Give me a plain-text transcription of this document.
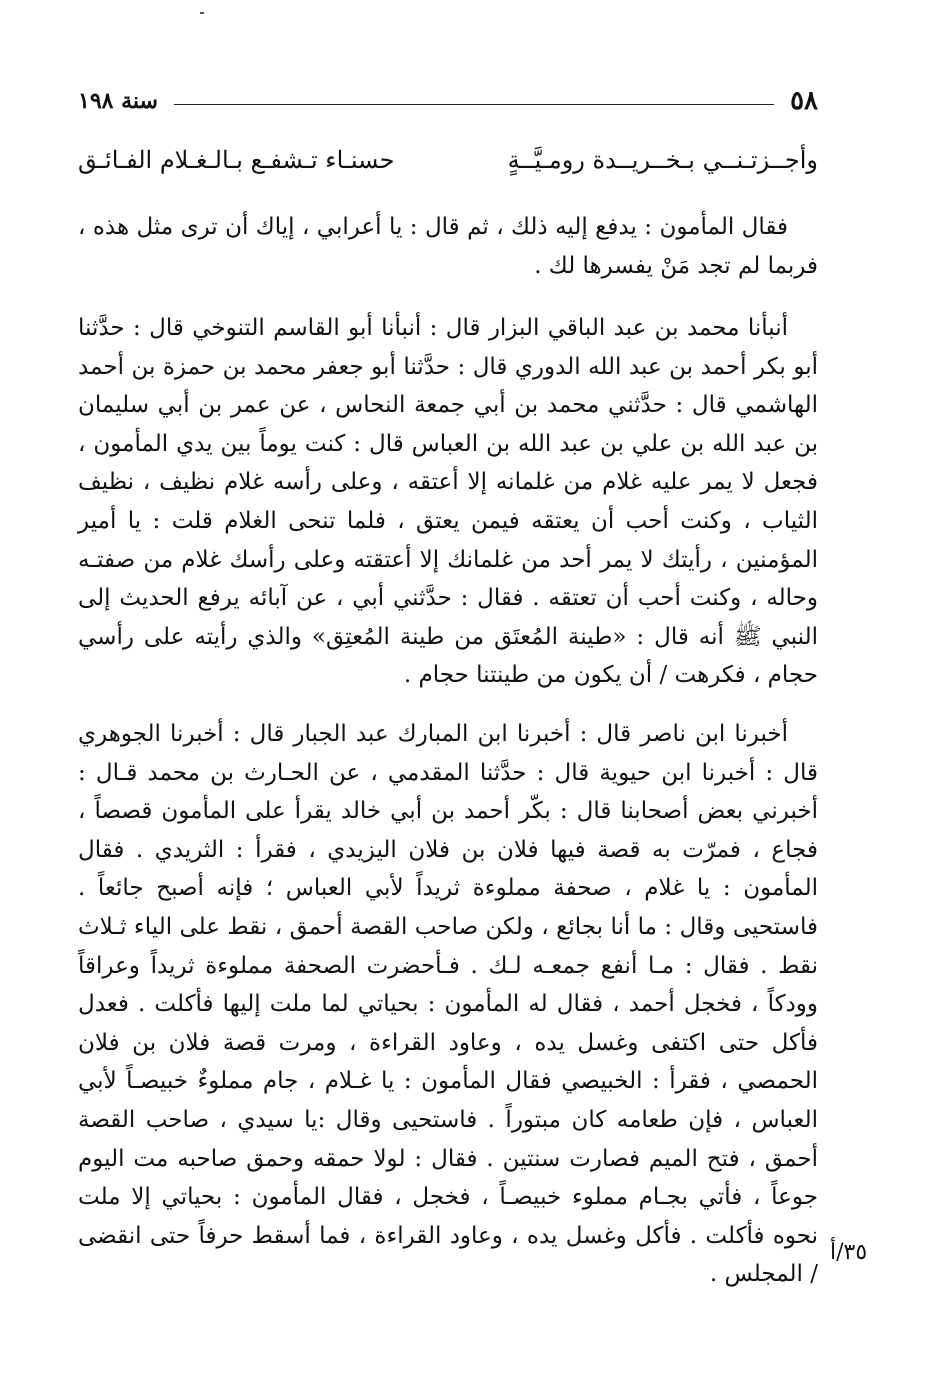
٥٨
سنة ١٩٨
وأجــزتـنــي بـخــريــدة رومـيَّــةٍ
حسنـاء تـشفـع بـالـغـلام الفـائـق

فقال المأمون : يدفع إليه ذلك ، ثم قال : يا أعرابي ، إياك أن ترى مثل هذه ، فربما لم تجد مَنْ يفسرها لك .

أنبأنا محمد بن عبد الباقي البزار قال : أنبأنا أبو القاسم التنوخي قال : حدَّثنا أبو بكر أحمد بن عبد الله الدوري قال : حدَّثنا أبو جعفر محمد بن حمزة بن أحمد الهاشمي قال : حدَّثني محمد بن أبي جمعة النحاس ، عن عمر بن أبي سليمان بن عبد الله بن علي بن عبد الله بن العباس قال : كنت يوماً بين يدي المأمون ، فجعل لا يمر عليه غلام من غلمانه إلا أعتقه ، وعلى رأسه غلام نظيف ، نظيف الثياب ، وكنت أحب أن يعتقه فيمن يعتق ، فلما تنحى الغلام قلت : يا أمير المؤمنين ، رأيتك لا يمر أحد من غلمانك إلا أعتقته وعلى رأسك غلام من صفتـه وحاله ، وكنت أحب أن تعتقه . فقال : حدَّثني أبي ، عن آبائه يرفع الحديث إلى النبي ﷺ أنه قال : «طينة المُعتَق من طينة المُعتِق» والذي رأيته على رأسي حجام ، فكرهت / أن يكون من طينتنا حجام .

أخبرنا ابن ناصر قال : أخبرنا ابن المبارك عبد الجبار قال : أخبرنا الجوهري قال : أخبرنا ابن حيوية قال : حدَّثنا المقدمي ، عن الحـارث بن محمد قـال : أخبرني بعض أصحابنا قال : بكّر أحمد بن أبي خالد يقرأ على المأمون قصصاً ، فجاع ، فمرّت به قصة فيها فلان بن فلان اليزيدي ، فقرأ : الثريدي . فقال المأمون : يا غلام ، صحفة مملوءة ثريداً لأبي العباس ؛ فإنه أصبح جائعاً . فاستحيى وقال : ما أنا بجائع ، ولكن صاحب القصة أحمق ، نقط على الياء ثـلاث نقط . فقال : مـا أنفع جمعـه لـك . فـأحضرت الصحفة مملوءة ثريداً وعراقاً وودكاً ، فخجل أحمد ، فقال له المأمون : بحياتي لما ملت إليها فأكلت . فعدل فأكل حتى اكتفى وغسل يده ، وعاود القراءة ، ومرت قصة فلان بن فلان الحمصي ، فقرأ : الخبيصي فقال المأمون : يا غـلام ، جام مملوءٌ خبيصـاً لأبي العباس ، فإن طعامه كان مبتوراً . فاستحيى وقال :يا سيدي ، صاحب القصة أحمق ، فتح الميم فصارت سنتين . فقال : لولا حمقه وحمق صاحبه مت اليوم جوعاً ، فأتي بجـام مملوء خبيصـاً ، فخجل ، فقال المأمون : بحياتي إلا ملت نحوه فأكلت . فأكل وغسل يده ، وعاود القراءة ، فما أسقط حرفاً حتى انقضى / المجلس .

٣٥/أ
